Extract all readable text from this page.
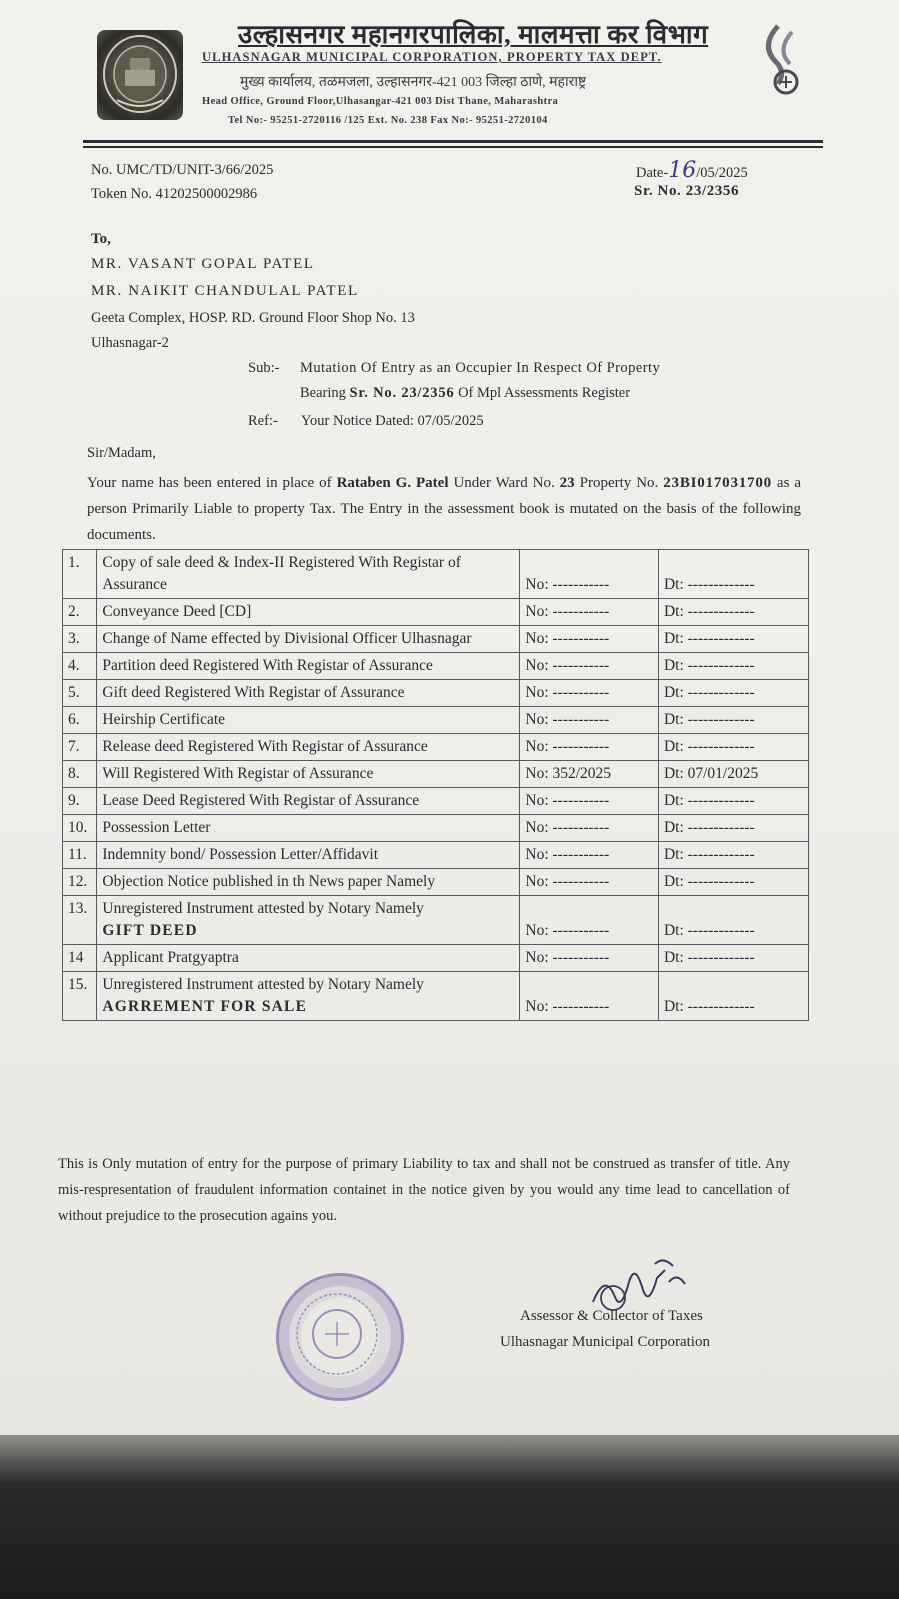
उल्हासनगर महानगरपालिका, मालमत्ता कर विभाग
ULHASNAGAR MUNICIPAL CORPORATION, PROPERTY TAX DEPT.
मुख्य कार्यालय, तळमजला, उल्हासनगर-421 003 जिल्हा ठाणे, महाराष्ट्र
Head Office, Ground Floor,Ulhasangar-421 003 Dist Thane, Maharashtra
Tel No:- 95251-2720116 /125 Ext. No. 238 Fax No:- 95251-2720104
No. UMC/TD/UNIT-3/66/2025
Token No. 41202500002986
Date-16/05/2025
Sr. No. 23/2356
To,
MR. VASANT GOPAL PATEL
MR. NAIKIT CHANDULAL PATEL
Geeta Complex, HOSP. RD. Ground Floor Shop No. 13
Ulhasnagar-2
Sub:- Mutation Of Entry as an Occupier In Respect Of Property
Bearing Sr. No. 23/2356 Of Mpl Assessments Register
Ref:- Your Notice Dated: 07/05/2025
Sir/Madam,
Your name has been entered in place of Rataben G. Patel Under Ward No. 23 Property No. 23BI017031700 as a person Primarily Liable to property Tax. The Entry in the assessment book is mutated on the basis of the following documents.
1.	Copy of sale deed & Index-II Registered With Registar of Assurance	No: -----------	Dt: -------------
2.	Conveyance Deed [CD]	No: -----------	Dt: -------------
3.	Change of Name effected by Divisional Officer Ulhasnagar	No: -----------	Dt: -------------
4.	Partition deed Registered With Registar of Assurance	No: -----------	Dt: -------------
5.	Gift deed Registered With Registar of Assurance	No: -----------	Dt: -------------
6.	Heirship Certificate	No: -----------	Dt: -------------
7.	Release deed Registered With Registar of Assurance	No: -----------	Dt: -------------
8.	Will Registered With Registar of Assurance	No: 352/2025	Dt: 07/01/2025
9.	Lease Deed Registered With Registar of Assurance	No: -----------	Dt: -------------
10.	Possession Letter	No: -----------	Dt: -------------
11.	Indemnity bond/ Possession Letter/Affidavit	No: -----------	Dt: -------------
12.	Objection Notice published in th News paper Namely	No: -----------	Dt: -------------
13.	Unregistered Instrument attested by Notary Namely
GIFT DEED	No: -----------	Dt: -------------
14	Applicant Pratgyaptra	No: -----------	Dt: -------------
15.	Unregistered Instrument attested by Notary Namely
AGRREMENT FOR SALE	No: -----------	Dt: -------------
This is Only mutation of entry for the purpose of primary Liability to tax and shall not be construed as transfer of title. Any mis-respresentation of fraudulent information containet in the notice given by you would any time lead to cancellation of without prejudice to the prosecution agains you.
Assessor & Collector of Taxes
Ulhasnagar Municipal Corporation
